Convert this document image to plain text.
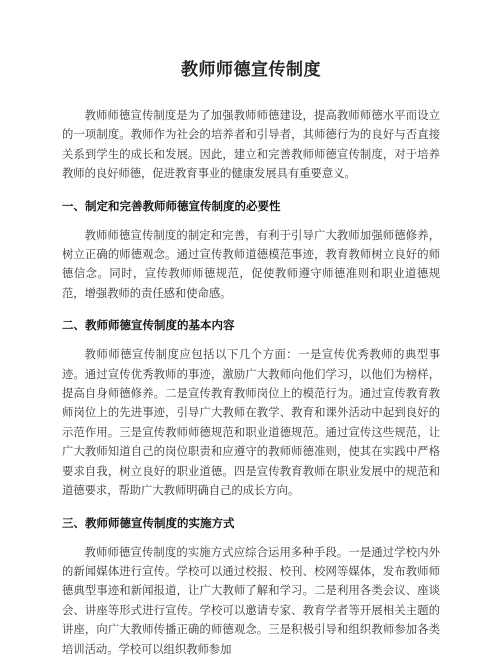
教师师德宣传制度

教师师德宣传制度是为了加强教师师德建设，提高教师师德水平而设立的一项制度。教师作为社会的培养者和引导者，其师德行为的良好与否直接关系到学生的成长和发展。因此，建立和完善教师师德宣传制度，对于培养教师的良好师德，促进教育事业的健康发展具有重要意义。

一、制定和完善教师师德宣传制度的必要性

教师师德宣传制度的制定和完善，有利于引导广大教师加强师德修养，树立正确的师德观念。通过宣传教师道德模范事迹，教育教师树立良好的师德信念。同时，宣传教师师德规范，促使教师遵守师德准则和职业道德规范，增强教师的责任感和使命感。

二、教师师德宣传制度的基本内容

教师师德宣传制度应包括以下几个方面：一是宣传优秀教师的典型事迹。通过宣传优秀教师的事迹，激励广大教师向他们学习，以他们为榜样，提高自身师德修养。二是宣传教育教师岗位上的模范行为。通过宣传教育教师岗位上的先进事迹，引导广大教师在教学、教育和课外活动中起到良好的示范作用。三是宣传教师师德规范和职业道德规范。通过宣传这些规范，让广大教师知道自己的岗位职责和应遵守的教师师德准则，使其在实践中严格要求自我，树立良好的职业道德。四是宣传教育教师在职业发展中的规范和道德要求，帮助广大教师明确自己的成长方向。

三、教师师德宣传制度的实施方式

教师师德宣传制度的实施方式应综合运用多种手段。一是通过学校内外的新闻媒体进行宣传。学校可以通过校报、校刊、校网等媒体，发布教师师德典型事迹和新闻报道，让广大教师了解和学习。二是利用各类会议、座谈会、讲座等形式进行宣传。学校可以邀请专家、教育学者等开展相关主题的讲座，向广大教师传播正确的师德观念。三是积极引导和组织教师参加各类培训活动。学校可以组织教师参加
